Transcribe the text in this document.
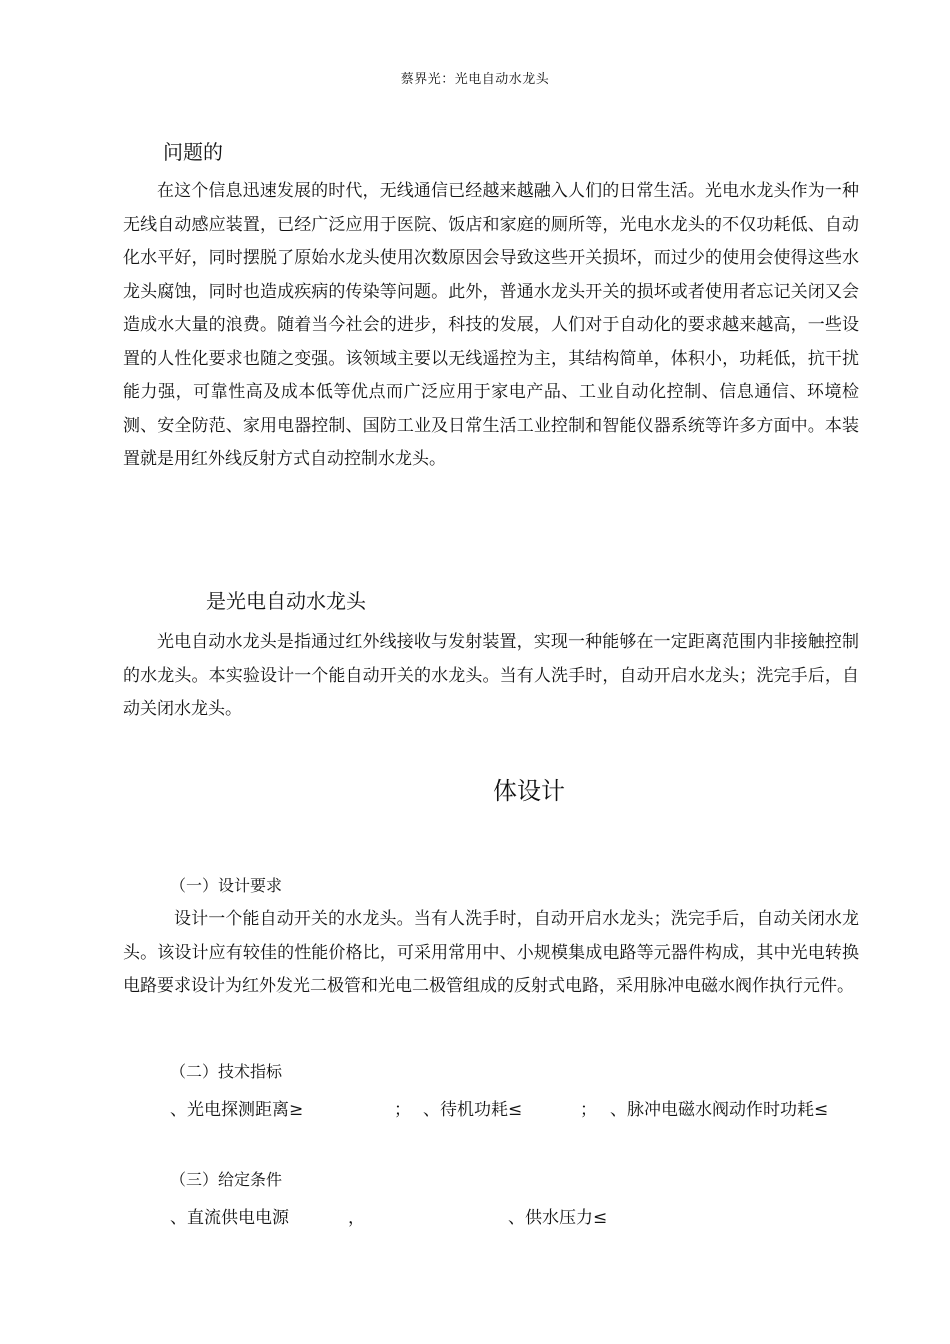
蔡界光：光电自动水龙头
问题的
在这个信息迅速发展的时代，无线通信已经越来越融入人们的日常生活。光电水龙头作为一种无线自动感应装置，已经广泛应用于医院、饭店和家庭的厕所等，光电水龙头的不仅功耗低、自动化水平好，同时摆脱了原始水龙头使用次数原因会导致这些开关损坏，而过少的使用会使得这些水龙头腐蚀，同时也造成疾病的传染等问题。此外，普通水龙头开关的损坏或者使用者忘记关闭又会造成水大量的浪费。随着当今社会的进步，科技的发展，人们对于自动化的要求越来越高，一些设置的人性化要求也随之变强。该领域主要以无线遥控为主，其结构简单，体积小，功耗低，抗干扰能力强，可靠性高及成本低等优点而广泛应用于家电产品、工业自动化控制、信息通信、环境检测、安全防范、家用电器控制、国防工业及日常生活工业控制和智能仪器系统等许多方面中。本装置就是用红外线反射方式自动控制水龙头。
是光电自动水龙头
光电自动水龙头是指通过红外线接收与发射装置，实现一种能够在一定距离范围内非接触控制的水龙头。本实验设计一个能自动开关的水龙头。当有人洗手时，自动开启水龙头；洗完手后，自动关闭水龙头。
体设计
（一）设计要求
设计一个能自动开关的水龙头。当有人洗手时，自动开启水龙头；洗完手后，自动关闭水龙头。该设计应有较佳的性能价格比，可采用常用中、小规模集成电路等元器件构成，其中光电转换电路要求设计为红外发光二极管和光电二极管组成的反射式电路，采用脉冲电磁水阀作执行元件。
（二）技术指标
、光电探测距离≥	； 、待机功耗≤	； 、脉冲电磁水阀动作时功耗≤
（三）给定条件
、直流供电电源	，	、供水压力≤
